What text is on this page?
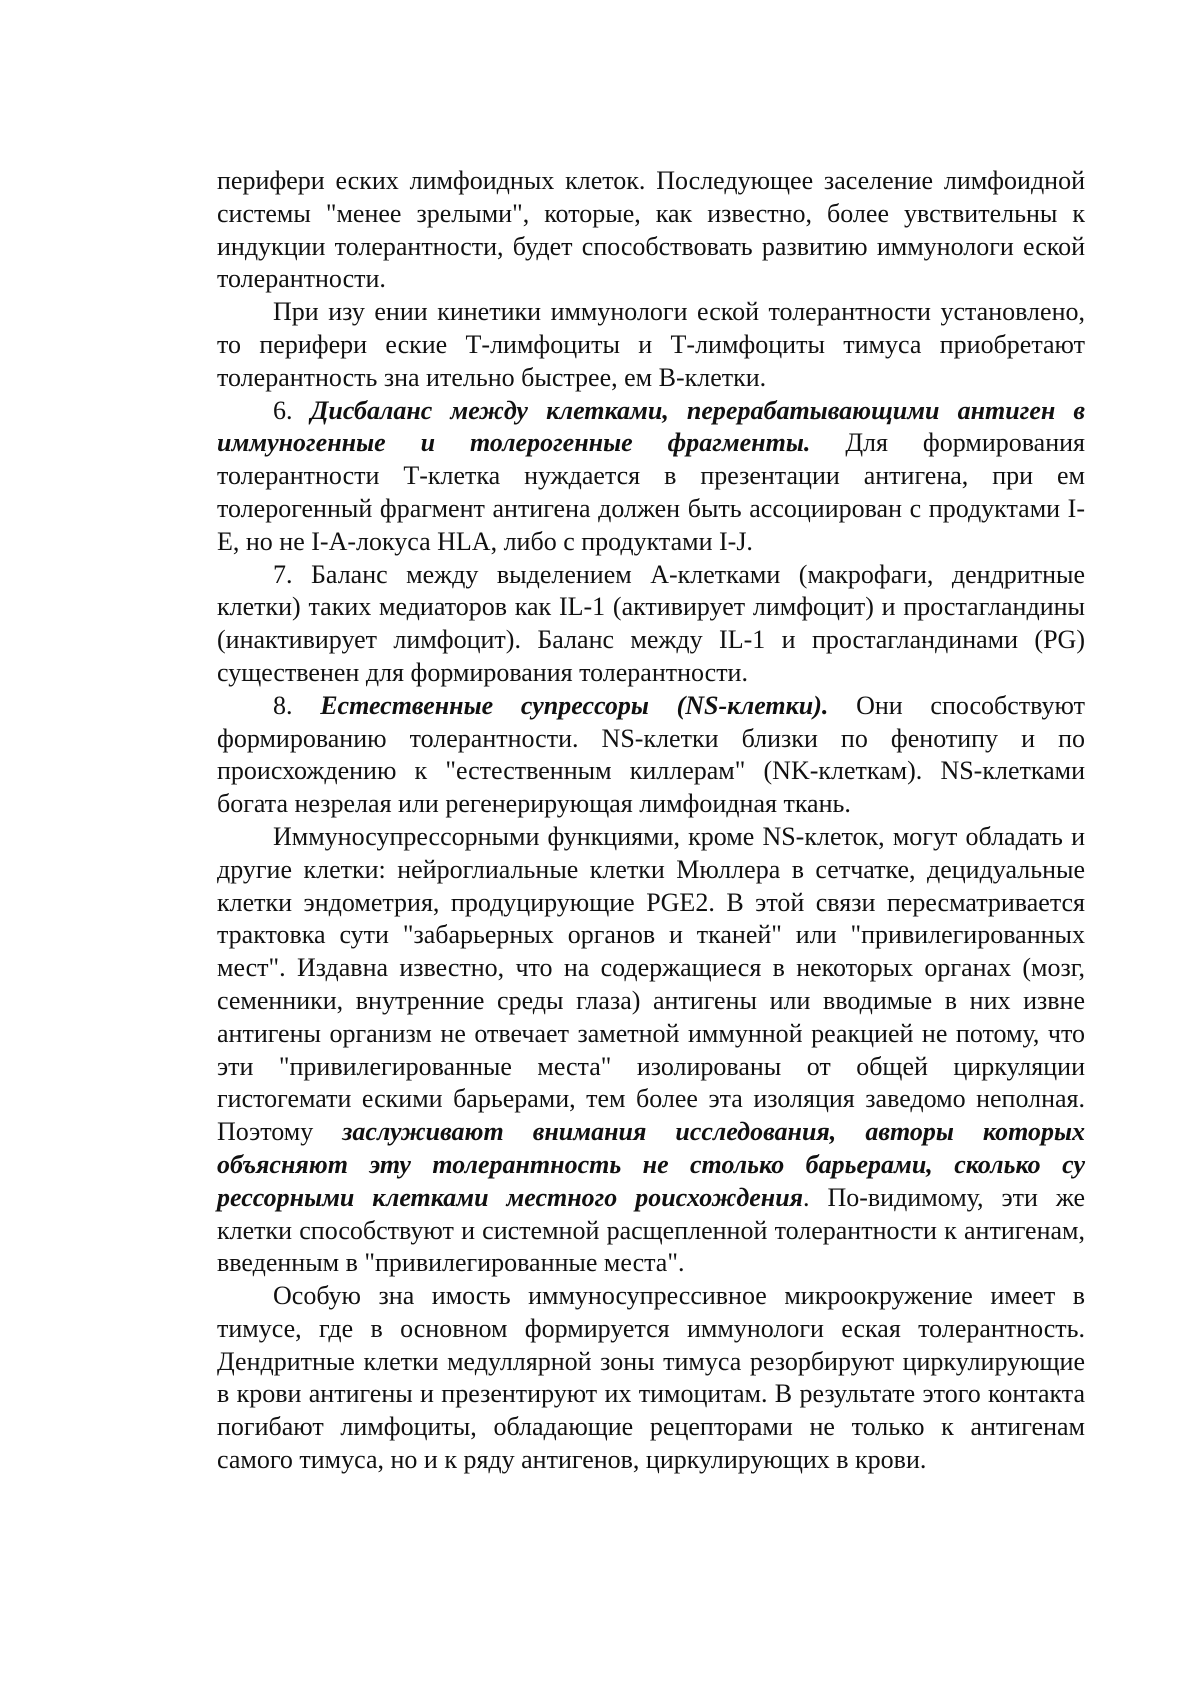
перифери еских лимфоидных клеток. Последующее заселение лимфоидной системы "менее зрелыми", которые, как известно, более увствительны к индукции толерантности, будет способствовать развитию иммунологи еской толерантности.

При изу ении кинетики иммунологи еской толерантности установлено, то перифери еские Т-лимфоциты и Т-лимфоциты тимуса приобретают толерантность зна ительно быстрее, ем В-клетки.

6. Дисбаланс между клетками, перерабатывающими антиген в иммуногенные и толерогенные фрагменты. Для формирования толерантности Т-клетка нуждается в презентации антигена, при ем толерогенный фрагмент антигена должен быть ассоциирован с продуктами I-E, но не I-A-локуса HLA, либо с продуктами I-J.

7. Баланс между выделением А-клетками (макрофаги, дендритные клетки) таких медиаторов как IL-1 (активирует лимфоцит) и простагландины (инактивирует лимфоцит). Баланс между IL-1 и простагландинами (PG) существенен для формирования толерантности.

8. Естественные супрессоры (NS-клетки). Они способствуют формированию толерантности. NS-клетки близки по фенотипу и по происхождению к "естественным киллерам" (NK-клеткам). NS-клетками богата незрелая или регенерирующая лимфоидная ткань.

Иммуносупрессорными функциями, кроме NS-клеток, могут обладать и другие клетки: нейроглиальные клетки Мюллера в сетчатке, децидуальные клетки эндометрия, продуцирующие PGE2. В этой связи пересматривается трактовка сути "забарьерных органов и тканей" или "привилегированных мест". Издавна известно, что на содержащиеся в некоторых органах (мозг, семенники, внутренние среды глаза) антигены или вводимые в них извне антигены организм не отвечает заметной иммунной реакцией не потому, что эти "привилегированные места" изолированы от общей циркуляции гистогемати ескими барьерами, тем более эта изоляция заведомо неполная. Поэтому заслуживают внимания исследования, авторы которых объясняют эту толерантность не столько барьерами, сколько су рессорными клетками местного роисхождения. По-видимому, эти же клетки способствуют и системной расщепленной толерантности к антигенам, введенным в "привилегированные места".

Особую зна имость иммуносупрессивное микроокружение имеет в тимусе, где в основном формируется иммунологи еская толерантность. Дендритные клетки медуллярной зоны тимуса резорбируют циркулирующие в крови антигены и презентируют их тимоцитам. В результате этого контакта погибают лимфоциты, обладающие рецепторами не только к антигенам самого тимуса, но и к ряду антигенов, циркулирующих в крови.
